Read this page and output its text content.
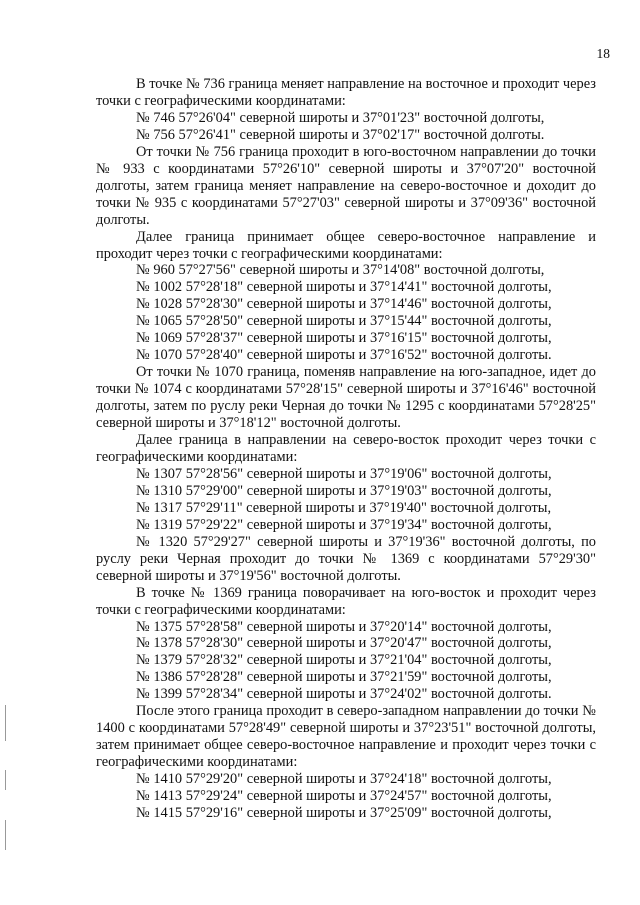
18

В точке № 736 граница меняет направление на восточное и проходит через точки с географическими координатами:

№ 746 57°26'04" северной широты и 37°01'23" восточной долготы,

№ 756 57°26'41" северной широты и 37°02'17" восточной долготы.

От точки № 756 граница проходит в юго-восточном направлении до точки № 933 с координатами 57°26'10" северной широты и 37°07'20" восточной долготы, затем граница меняет направление на северо-восточное и доходит до точки № 935 с координатами 57°27'03" северной широты и 37°09'36" восточной долготы.

Далее граница принимает общее северо-восточное направление и проходит через точки с географическими координатами:

№ 960 57°27'56" северной широты и 37°14'08" восточной долготы,

№ 1002 57°28'18" северной широты и 37°14'41" восточной долготы,

№ 1028 57°28'30" северной широты и 37°14'46" восточной долготы,

№ 1065 57°28'50" северной широты и 37°15'44" восточной долготы,

№ 1069 57°28'37" северной широты и 37°16'15" восточной долготы,

№ 1070 57°28'40" северной широты и 37°16'52" восточной долготы.

От точки № 1070 граница, поменяв направление на юго-западное, идет до точки № 1074 с координатами 57°28'15" северной широты и 37°16'46" восточной долготы, затем по руслу реки Черная до точки № 1295 с координатами 57°28'25" северной широты и 37°18'12" восточной долготы.

Далее граница в направлении на северо-восток проходит через точки с географическими координатами:

№ 1307 57°28'56" северной широты и 37°19'06" восточной долготы,

№ 1310 57°29'00" северной широты и 37°19'03" восточной долготы,

№ 1317 57°29'11" северной широты и 37°19'40" восточной долготы,

№ 1319 57°29'22" северной широты и 37°19'34" восточной долготы,

№ 1320 57°29'27" северной широты и 37°19'36" восточной долготы, по руслу реки Черная проходит до точки № 1369 с координатами 57°29'30" северной широты и 37°19'56" восточной долготы.

В точке № 1369 граница поворачивает на юго-восток и проходит через точки с географическими координатами:

№ 1375 57°28'58" северной широты и 37°20'14" восточной долготы,

№ 1378 57°28'30" северной широты и 37°20'47" восточной долготы,

№ 1379 57°28'32" северной широты и 37°21'04" восточной долготы,

№ 1386 57°28'28" северной широты и 37°21'59" восточной долготы,

№ 1399 57°28'34" северной широты и 37°24'02" восточной долготы.

После этого граница проходит в северо-западном направлении до точки № 1400 с координатами 57°28'49" северной широты и 37°23'51" восточной долготы, затем принимает общее северо-восточное направление и проходит через точки с географическими координатами:

№ 1410 57°29'20" северной широты и 37°24'18" восточной долготы,

№ 1413 57°29'24" северной широты и 37°24'57" восточной долготы,

№ 1415 57°29'16" северной широты и 37°25'09" восточной долготы,
